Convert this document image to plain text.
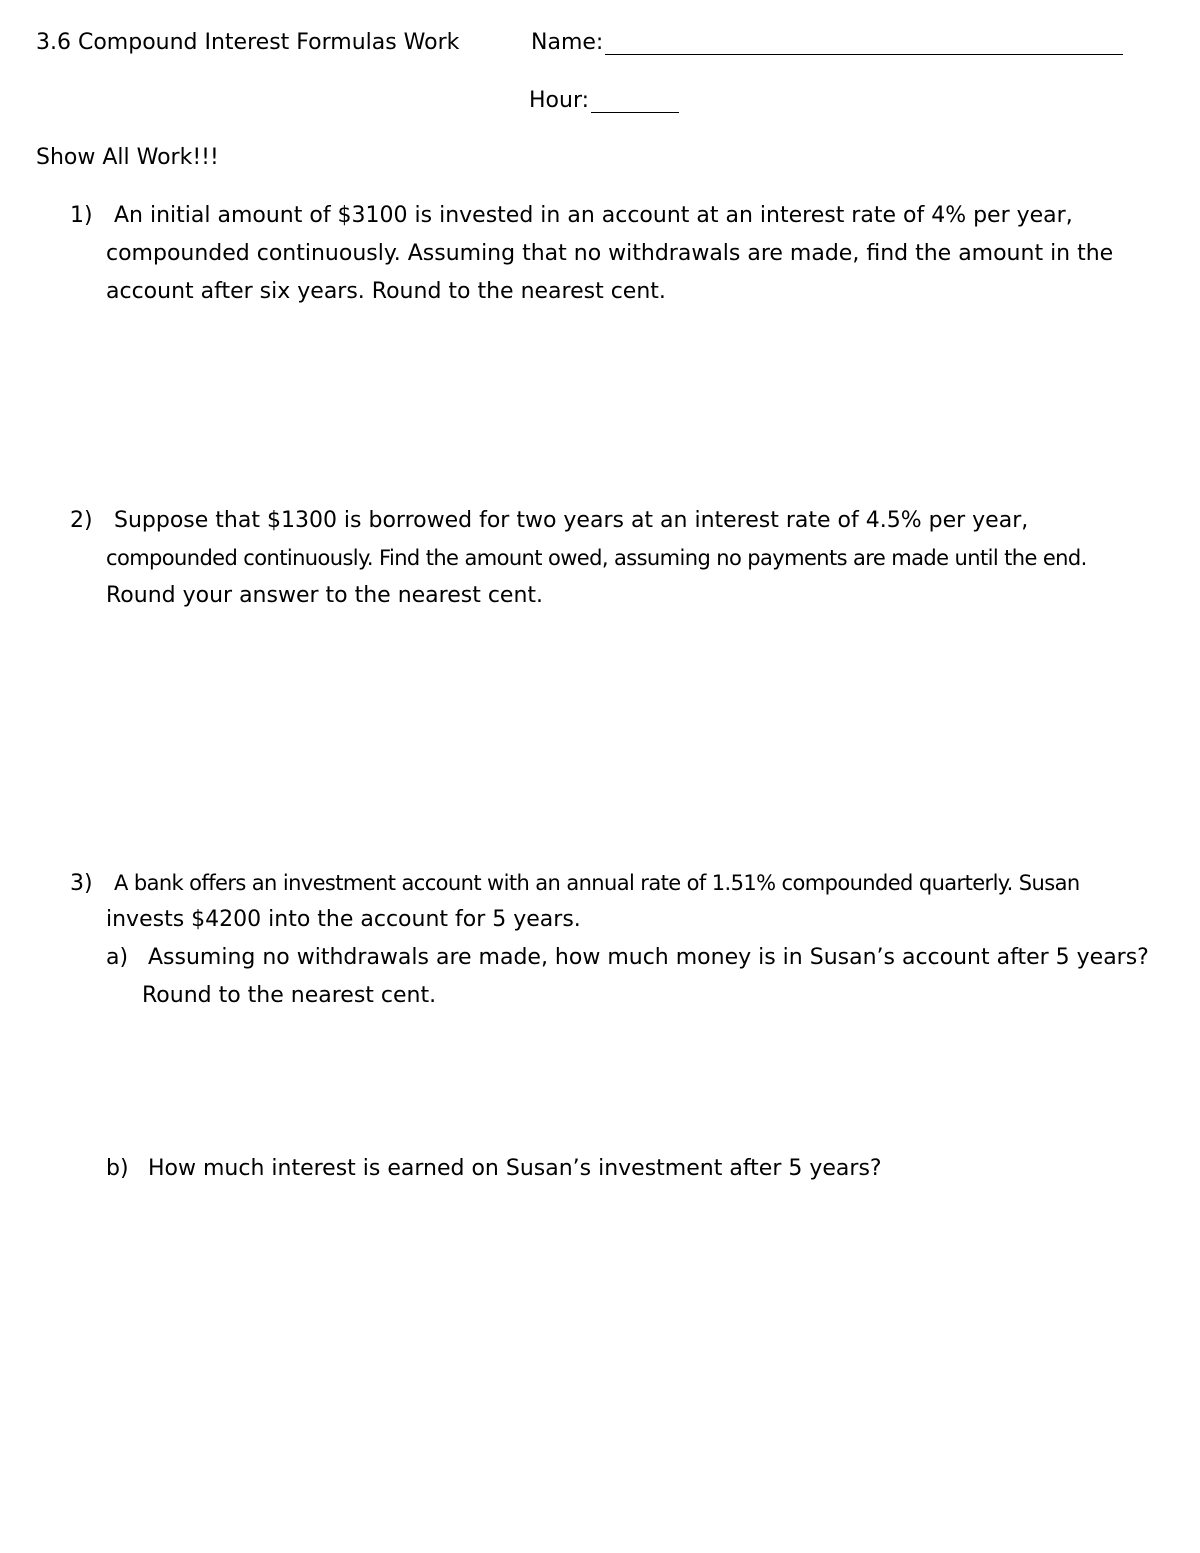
3.6 Compound Interest Formulas Work	Name:
Hour:
Show All Work!!!
1) An initial amount of $3100 is invested in an account at an interest rate of 4% per year,
compounded continuously. Assuming that no withdrawals are made, find the amount in the
account after six years. Round to the nearest cent.
2) Suppose that $1300 is borrowed for two years at an interest rate of 4.5% per year,
compounded continuously. Find the amount owed, assuming no payments are made until the end.
Round your answer to the nearest cent.
3) A bank offers an investment account with an annual rate of 1.51% compounded quarterly. Susan
invests $4200 into the account for 5 years.
a) Assuming no withdrawals are made, how much money is in Susan’s account after 5 years?
Round to the nearest cent.
b) How much interest is earned on Susan’s investment after 5 years?
